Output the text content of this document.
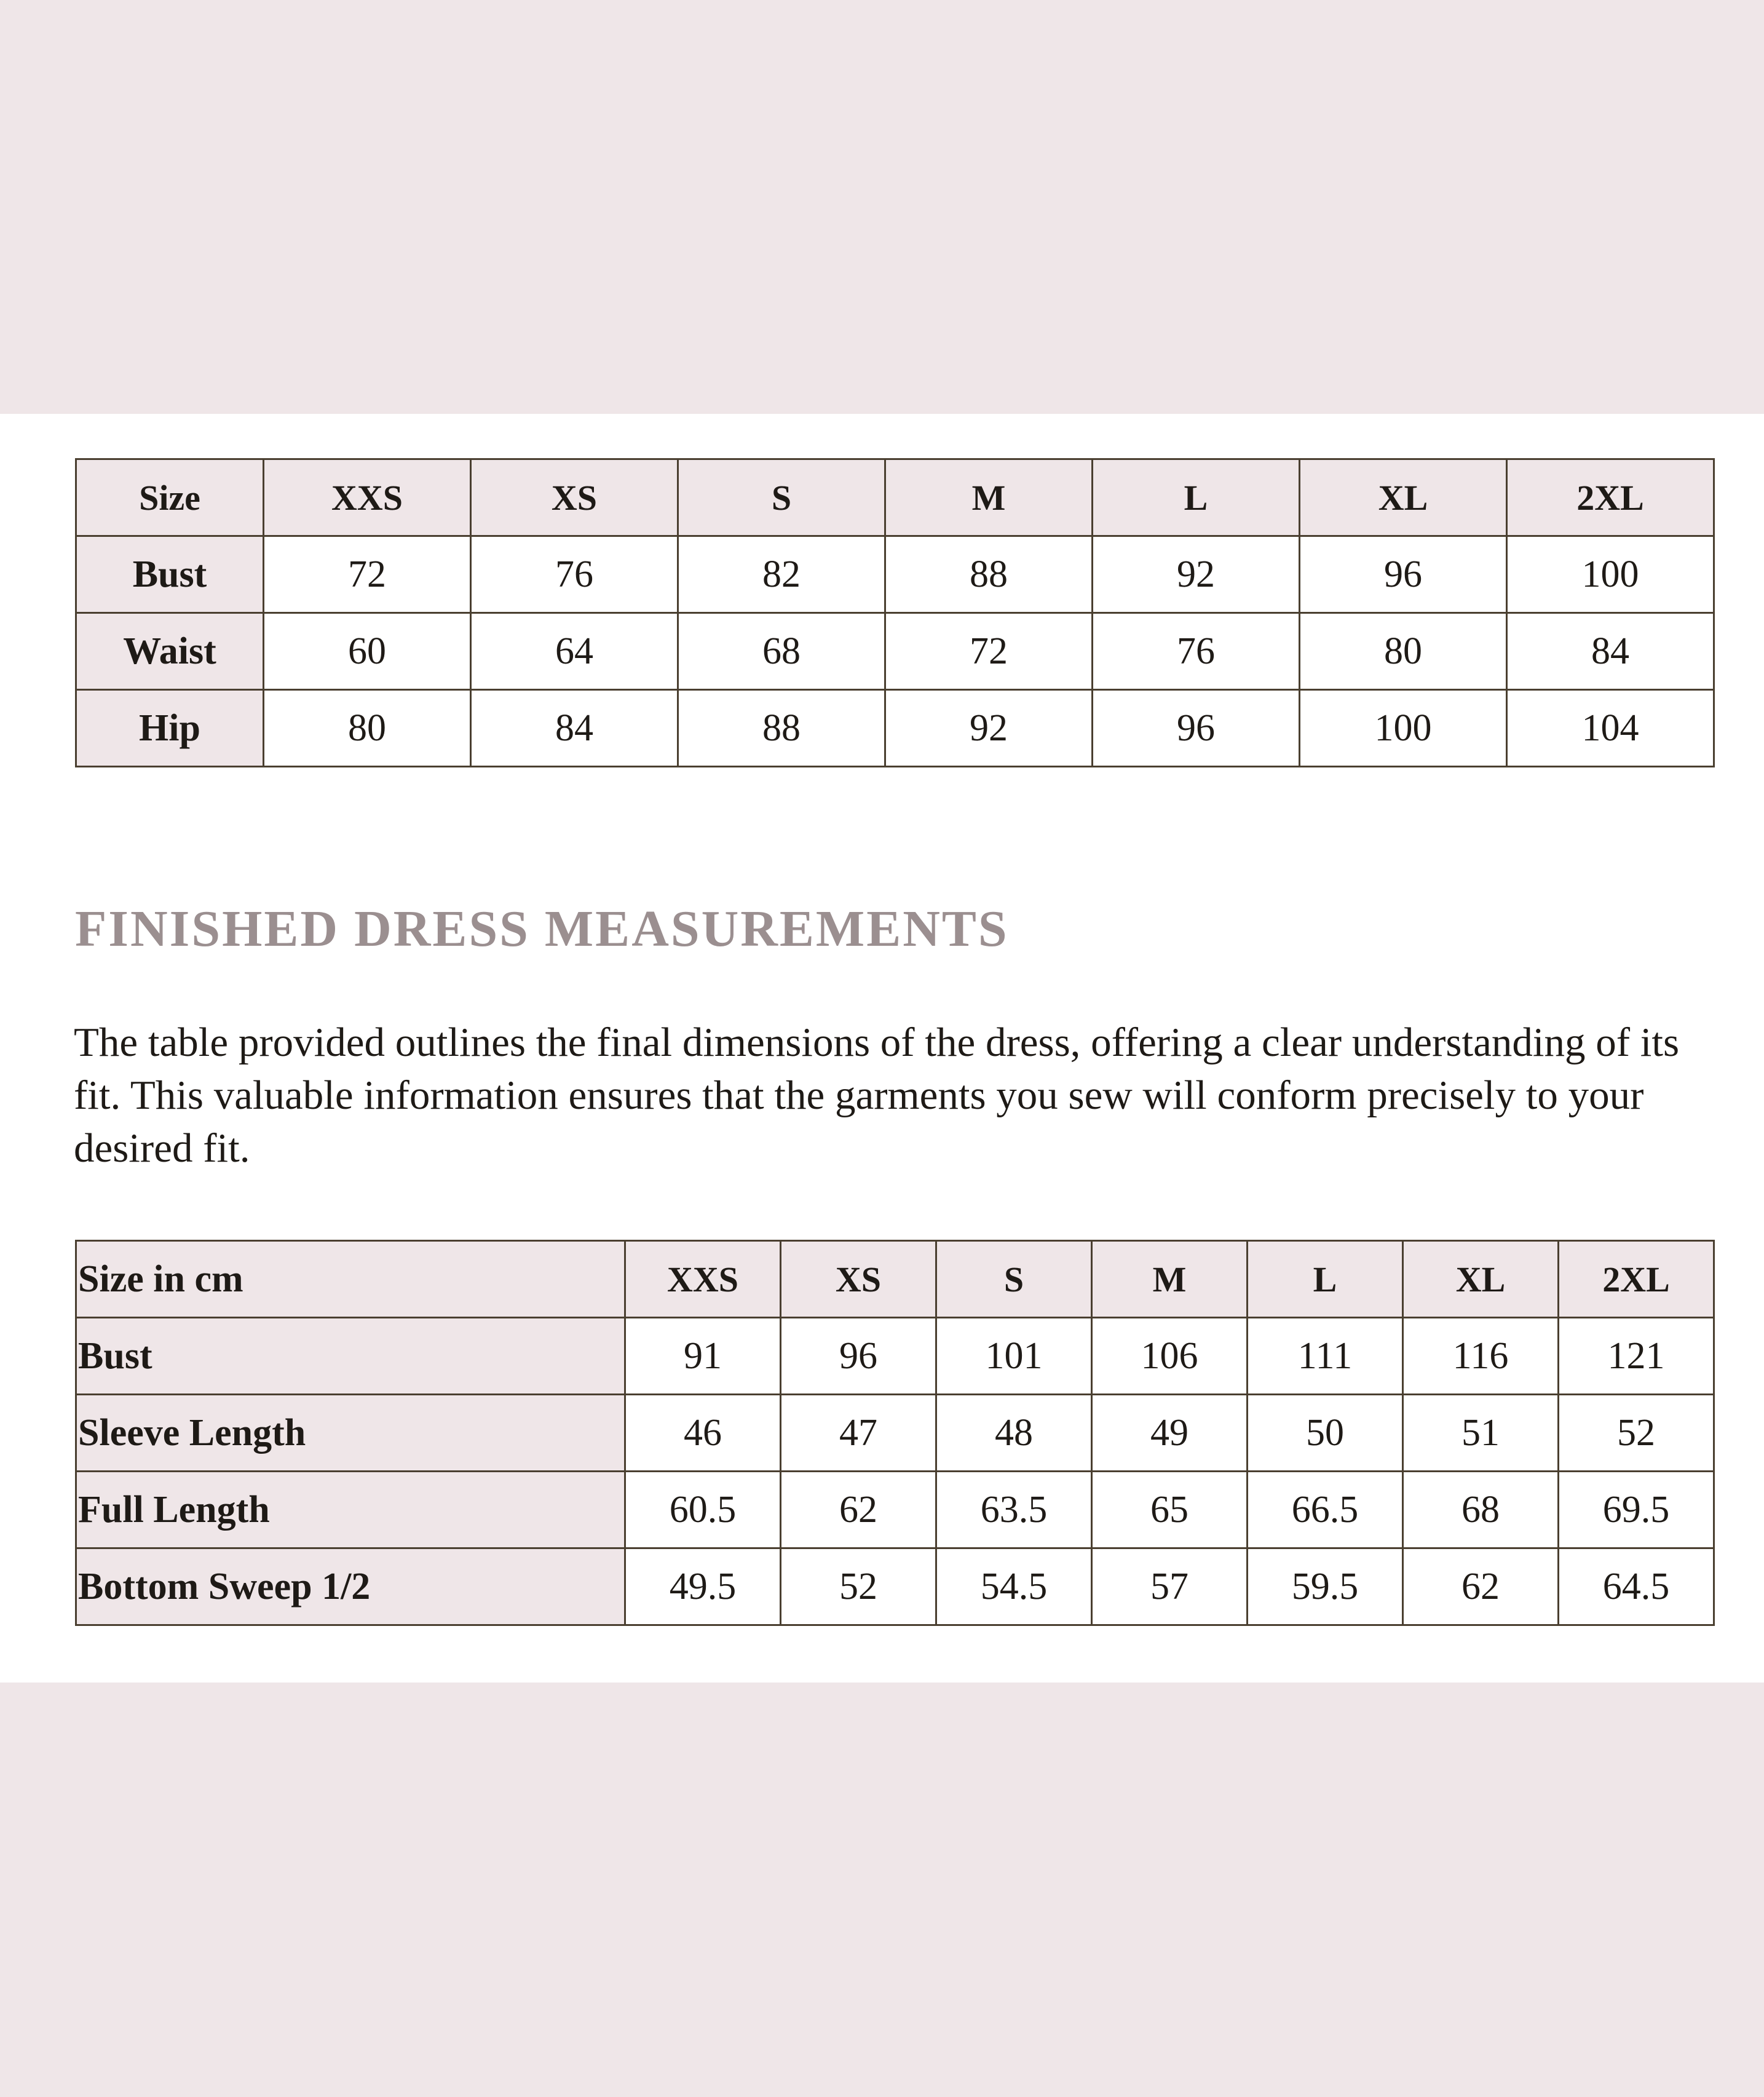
Size	XXS	XS	S	M	L	XL	2XL
Bust	72	76	82	88	92	96	100
Waist	60	64	68	72	76	80	84
Hip	80	84	88	92	96	100	104
FINISHED DRESS MEASUREMENTS

The table provided outlines the final dimensions of the dress, offering a clear understanding of its fit. This valuable information ensures that the garments you sew will conform precisely to your desired fit.

Size in cm	XXS	XS	S	M	L	XL	2XL
Bust	91	96	101	106	111	116	121
Sleeve Length	46	47	48	49	50	51	52
Full Length	60.5	62	63.5	65	66.5	68	69.5
Bottom Sweep 1/2	49.5	52	54.5	57	59.5	62	64.5
